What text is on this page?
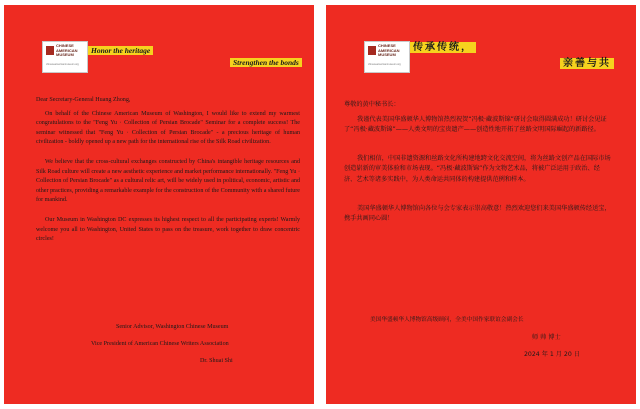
CHINESE
AMERICAN
MUSEUM
chineseamericanmuseum.org
Honor the heritage
Strengthen the bonds

Dear Secretary-General Huang Zhong,

On behalf of the Chinese American Museum of Washington, I would like to extend my warmest congratulations to the "Feng Yu · Collection of Persian Brocade" Seminar for a complete success! The seminar witnessed that "Feng Yu · Collection of Persian Brocade" - a precious heritage of human civilization - boldly opened up a new path for the international rise of the Silk Road civilization.

We believe that the cross-cultural exchanges constructed by China's intangible heritage resources and Silk Road culture will create a new aesthetic experience and market performance internationally. "Feng Yu · Collection of Persian Brocade" as a cultural relic art, will be widely used in political, economic, artistic and other practices, providing a remarkable example for the construction of the Community with a shared future for mankind.

Our Museum in Washington DC expresses its highest respect to all the participating experts! Warmly welcome you all to Washington, United States to pass on the treasure, work together to draw concentric circles!

Senior Advisor, Washington Chinese Museum
Vice President of American Chinese Writers Association
Dr. Shuai Shi
CHINESE
AMERICAN
MUSEUM
chineseamericanmuseum.org
传承传统，
亲善与共

尊敬的黄中秘书长：

我谨代表美国华盛顿华人博物馆热烈祝贺“冯极·藏波斯锦”研讨会取得圆满成功！研讨会见证了“冯极·藏波斯锦”——人类文明的宝贵遗产——创造性地开拓了丝路文明国际崛起的新路径。

我们相信，中国非遗资源和丝路文化所构建地跨文化交流空间，将为丝路文创产品在国际市场创造崭新的审美体验和市场表现。“冯极·藏波斯锦”作为文物艺术品，将被广泛运用于政治、经济、艺术等诸多实践中，为人类命运共同体的构建提供范例和样本。

美国华盛顿华人博物馆向各位与会专家表示崇高敬意！热烈欢迎您们来美国华盛顿传经送宝，携手共画同心圆！

美国华盛顿华人博物馆高级顾问，全美中国作家联谊会副会长
师 帅 博士
2024 年 1 月 20 日
